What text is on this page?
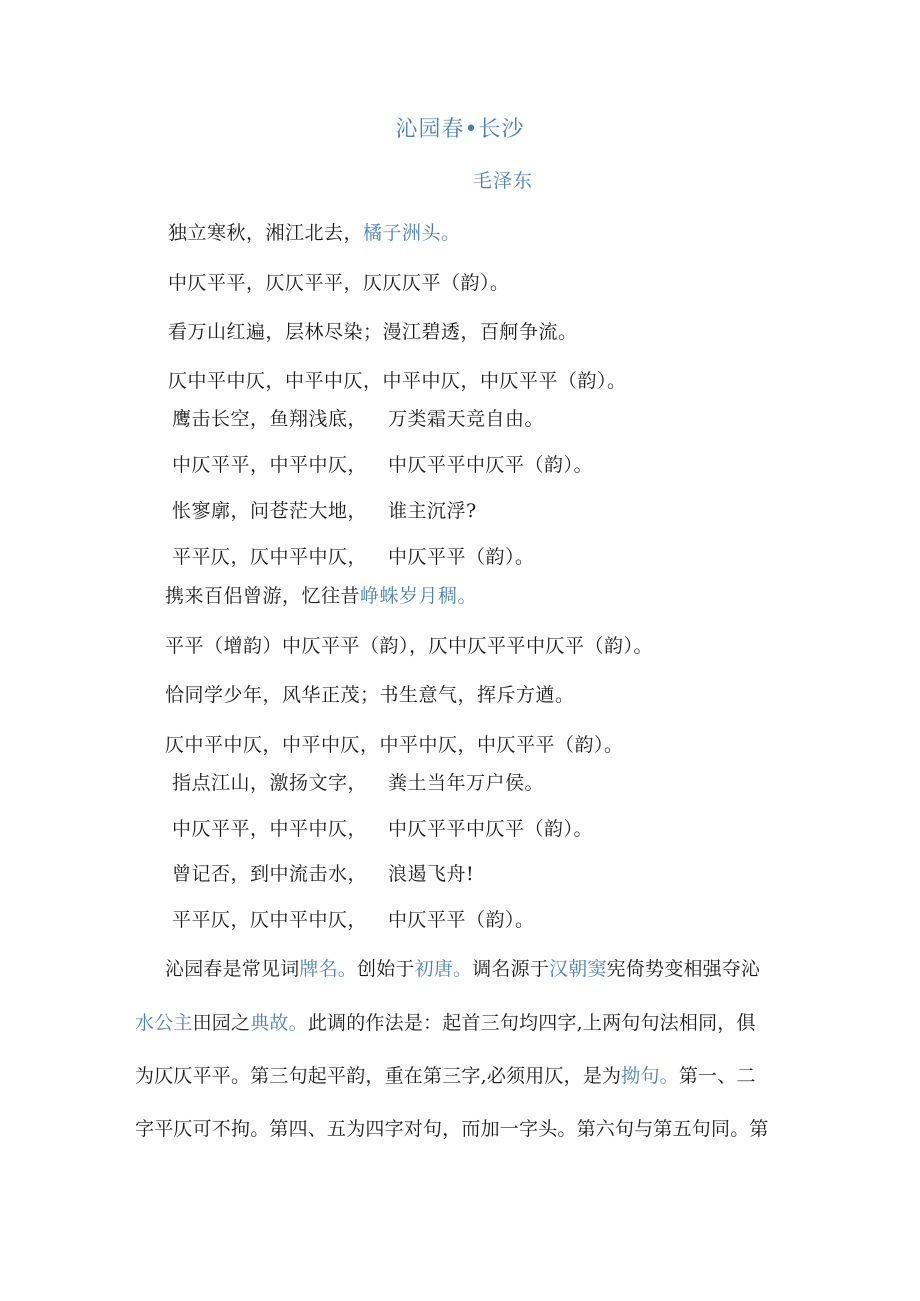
沁园春•长沙
毛泽东
独立寒秋，湘江北去，橘子洲头。
中仄平平，仄仄平平，仄仄仄平（韵）。
看万山红遍，层林尽染；漫江碧透，百舸争流。
仄中平中仄，中平中仄，中平中仄，中仄平平（韵）。
鹰击长空，鱼翔浅底， 万类霜天竞自由。
中仄平平，中平中仄， 中仄平平中仄平（韵）。
怅寥廓，问苍茫大地， 谁主沉浮?
平平仄，仄中平中仄， 中仄平平（韵）。
携来百侣曾游，忆往昔峥蛛岁月稠。
平平（增韵）中仄平平（韵），仄中仄平平中仄平（韵）。
恰同学少年，风华正茂；书生意气，挥斥方遒。
仄中平中仄，中平中仄，中平中仄，中仄平平（韵）。
指点江山，激扬文字， 粪土当年万户侯。
中仄平平，中平中仄， 中仄平平中仄平（韵）。
曾记否，到中流击水， 浪遏飞舟!
平平仄，仄中平中仄， 中仄平平（韵）。
沁园春是常见词牌名。创始于初唐。调名源于汉朝窦宪倚势变相强夺沁
水公主田园之典故。此调的作法是：起首三句均四字,上两句句法相同，俱
为仄仄平平。第三句起平韵，重在第三字,必须用仄，是为拗句。第一、二
字平仄可不拘。第四、五为四字对句，而加一字头。第六句与第五句同。第
